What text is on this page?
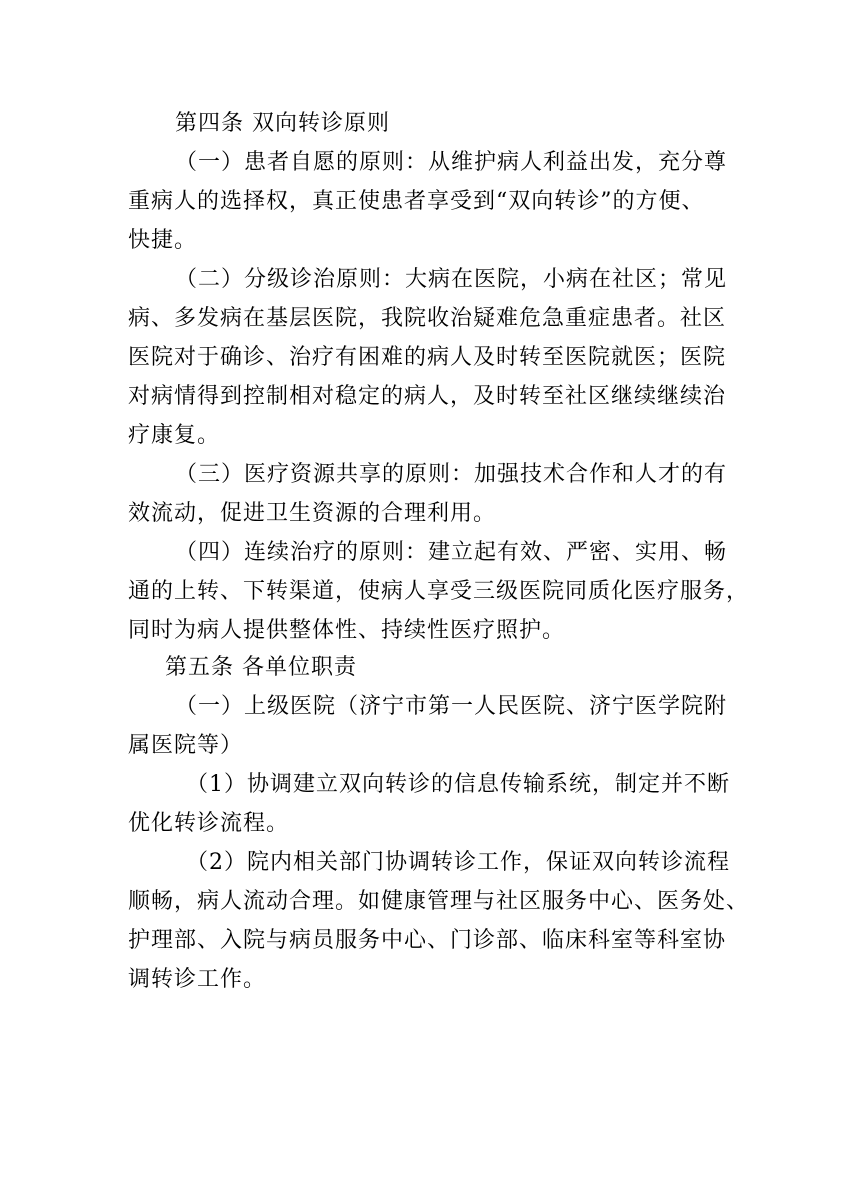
第四条 双向转诊原则
（一）患者自愿的原则：从维护病人利益出发，充分尊
重病人的选择权，真正使患者享受到“双向转诊”的方便、
快捷。
（二）分级诊治原则：大病在医院，小病在社区；常见
病、多发病在基层医院，我院收治疑难危急重症患者。社区
医院对于确诊、治疗有困难的病人及时转至医院就医；医院
对病情得到控制相对稳定的病人，及时转至社区继续继续治
疗康复。
（三）医疗资源共享的原则：加强技术合作和人才的有
效流动，促进卫生资源的合理利用。
（四）连续治疗的原则：建立起有效、严密、实用、畅
通的上转、下转渠道，使病人享受三级医院同质化医疗服务，
同时为病人提供整体性、持续性医疗照护。
第五条 各单位职责
（一）上级医院（济宁市第一人民医院、济宁医学院附
属医院等）
（1）协调建立双向转诊的信息传输系统，制定并不断
优化转诊流程。
（2）院内相关部门协调转诊工作，保证双向转诊流程
顺畅，病人流动合理。如健康管理与社区服务中心、医务处、
护理部、入院与病员服务中心、门诊部、临床科室等科室协
调转诊工作。
